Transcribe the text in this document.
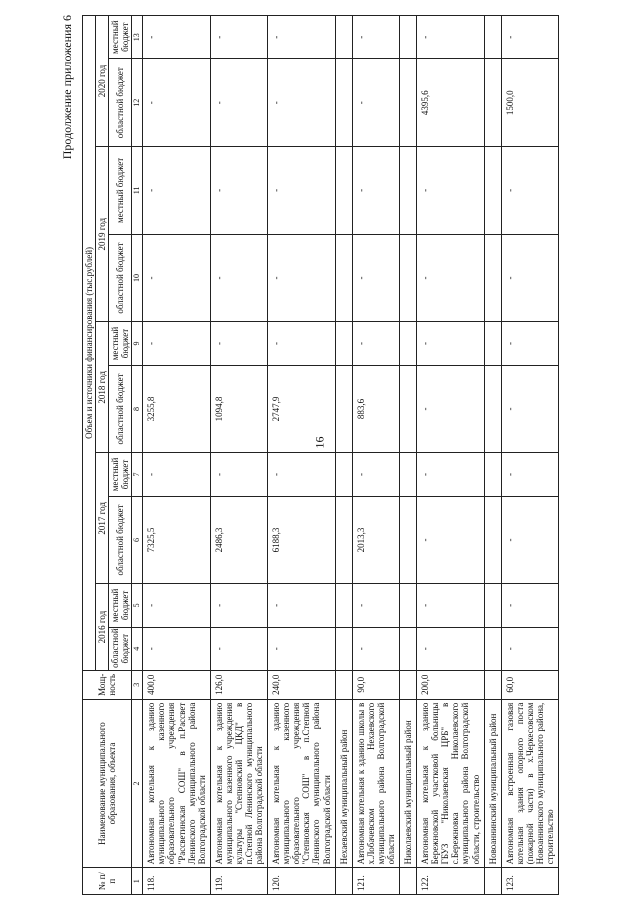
16
Продолжение приложения 6
№ п/п	Наименование муниципального образования, объекта	Мощ-ность	Объем и источники финансирования (тыс.рублей)									
			2016 год		2017 год		2018 год		2019 год		2020 год	
			областной бюджет	местный бюджет	областной бюджет	местный бюджет	областной бюджет	местный бюджет	областной бюджет	местный бюджет	областной бюджет	местный бюджет
1	2	3	4	5	6	7	8	9	10	11	12	13
118.	Автономная котельная к зданию муниципального казенного образовательного учреждения "Рассветинская СОШ" в п.Рассвет Ленинского муниципального района Волгоградской области	400,0	-	-	7325,5	-	3255,8	-	-	-	-	-
119.	Автономная котельная к зданию муниципального казенного учреждения культуры "Степновский ЦКД" в п.Степной Ленинского муниципального района Волгоградской области	126,0	-	-	2486,3	-	1094,8	-	-	-	-	-
120.	Автономная котельная к зданию муниципального казенного образовательного учреждения "Степновская СОШ" в п.Степной Ленинского муниципального района Волгоградской области	240,0	-	-	6188,3	-	2747,9	-	-	-	-	-
	Нехаевский муниципальный район											
121.	Автономная котельная к зданию школы в х.Лобачевском Нехаевского муниципального района Волгоградской области	90,0	-	-	2013,3	-	883,6	-	-	-	-	-
	Николаевский муниципальный район											
122.	Автономная котельная к зданию Бережновской участковой больницы ГБУЗ "Николаевская ЦРБ" в с.Бережновка Николаевского муниципального района Волгоградской области, строительство	200,0	-	-	-	-	-	-	-	-	4395,6	-
	Новоаннинский муниципальный район											
123.	Автономная встроенная газовая котельная здания опорного поста (пожарной части) в х.Черкесовском Новоаннинского муниципального района, строительство	60,0	-	-	-	-	-	-	-	-	1500,0	-
